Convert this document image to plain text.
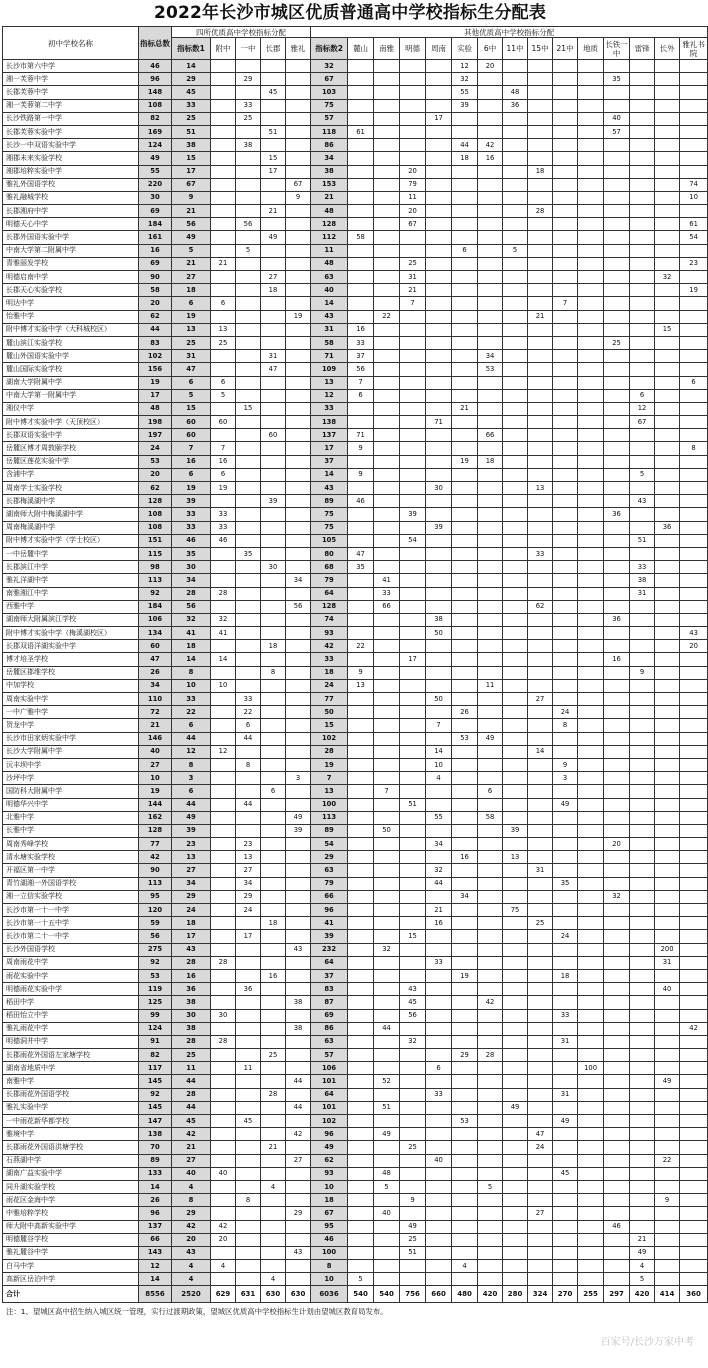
2022年长沙市城区优质普通高中学校指标生分配表
初中学校名称	指标总数	四所优质高中学校指标分配					其他优质高中学校指标分配														
		指标数1	附中	一中	长郡	雅礼	指标数2	麓山	南雅	明德	周南	实验	6中	11中	15中	21中	地质	长铁一中	雷锋	长外	雅礼书院
长沙市第六中学	46	14					32					12	20								
湘一芙蓉中学	96	29		29			67					32						35			
长郡芙蓉中学	148	45			45		103					55		48							
湘一芙蓉第二中学	108	33		33			75					39		36							
长沙铁路第一中学	82	25		25			57				17							40			
长郡芙蓉实验中学	169	51			51		118	61										57			
长沙一中双语实验中学	124	38		38			86					44	42								
湘郡未来实验学校	49	15			15		34					18	16								
湘郡培粹实验中学	55	17			17		38			20					18						
雅礼外国语学校	220	67				67	153			79											74
雅礼融城学校	30	9				9	21			11											10
长郡湘府中学	69	21			21		48			20					28						
明德天心中学	184	56		56			128			67											61
长郡外国语实验中学	161	49			49		112	58													54
中南大学第二附属中学	16	5		5			11					6		5							
青雅丽发学校	69	21	21				48			25											23
明德启南中学	90	27			27		63			31										32	
长郡天心实验学校	58	18			18		40			21											19
明达中学	20	6	6				14			7						7					
怡雅中学	62	19				19	43		22						21						
附中博才实验中学（大科城校区）	44	13	13				31	16												15	
麓山滨江实验学校	83	25	25				58	33										25			
麓山外国语实验中学	102	31			31		71	37					34								
麓山国际实验学校	156	47			47		109	56					53								
湖南大学附属中学	19	6	6				13	7													6
中南大学第一附属中学	17	5	5				12	6											6		
湘仪中学	48	15		15			33					21							12		
附中博才实验中学（天顶校区）	198	60	60				138				71								67		
长郡双语实验中学	197	60			60		137	71					66								
岳麓区博才周敦颐学校	24	7	7				17	9													8
岳麓区莲花实验中学	53	16	16				37					19	18								
含浦中学	20	6	6				14	9											5		
周南学士实验学校	62	19	19				43				30				13						
长郡梅溪湖中学	128	39			39		89	46											43		
湖南师大附中梅溪湖中学	108	33	33				75			39								36			
周南梅溪湖中学	108	33	33				75				39									36	
附中博才实验中学（学士校区）	151	46	46				105			54									51		
一中岳麓中学	115	35		35			80	47							33						
长郡滨江中学	98	30			30		68	35											33		
雅礼洋湖中学	113	34				34	79		41										38		
南雅湘江中学	92	28	28				64		33										31		
西雅中学	184	56				56	128		66						62						
湖南师大附属滨江学校	106	32	32				74				38							36			
附中博才实验中学（梅溪湖校区）	134	41	41				93				50										43
长郡双语洋湖实验中学	60	18			18		42	22													20
博才培圣学校	47	14	14				33			17								16			
岳麓区郡维学校	26	8			8		18	9											9		
中加学校	34	10	10				24	13					11								
周南实验中学	110	33		33			77				50				27						
一中广雅中学	72	22		22			50					26				24					
贺龙中学	21	6		6			15				7					8					
长沙市田家炳实验中学	146	44		44			102					53	49								
长沙大学附属中学	40	12	12				28				14				14						
沅丰坝中学	27	8		8			19				10					9					
沙坪中学	10	3				3	7				4					3					
国防科大附属中学	19	6			6		13		7				6								
明德华兴中学	144	44		44			100			51						49					
北雅中学	162	49				49	113				55		58								
长雅中学	128	39				39	89		50					39							
周南秀峰学校	77	23		23			54				34							20			
清水塘实验学校	42	13		13			29					16		13							
开福区第一中学	90	27		27			63				32				31						
青竹湖湘一外国语学校	113	34		34			79				44					35					
湘一立信实验学校	95	29		29			66					34						32			
长沙市第一十一中学	120	24		24			96				21			75							
长沙市第一十五中学	59	18			18		41				16				25						
长沙市第二十一中学	56	17		17			39			15						24					
长沙外国语学校	275	43				43	232		32											200	
周南雨花中学	92	28	28				64				33									31	
雨花实验中学	53	16			16		37					19				18					
明德雨花实验中学	119	36		36			83			43										40	
稻田中学	125	38				38	87			45			42								
稻田怡立中学	99	30	30				69			56						33					
雅礼雨花中学	124	38				38	86		44												42
明德洞井中学	91	28	28				63			32						31					
长郡雨花外国语左家塘学校	82	25			25		57					29	28								
湖南省地质中学	117	11		11			106				6						100				
南雅中学	145	44				44	101		52											49	
长郡雨花外国语学校	92	28			28		64				33					31					
雅礼实验中学	145	44				44	101		51					49							
一中雨花新华都学校	147	45		45			102					53				49					
雅境中学	138	42				42	96		49						47						
长郡雨花外国语洪塘学校	70	21			21		49			25					24						
石燕湖中学	89	27				27	62				40									22	
湖南广益实验中学	133	40	40				93		48							45					
同升湖实验学校	14	4			4		10		5				5								
雨花区金海中学	26	8		8			18			9										9	
中雅培粹学校	96	29				29	67		40						27						
师大附中高新实验中学	137	42	42				95			49								46			
明德麓谷学校	66	20	20				46			25									21		
雅礼麓谷中学	143	43				43	100			51									49		
白马中学	12	4	4				8					4							4		
高新区岳泊中学	14	4			4		10	5											5		
合计	8556	2520	629	631	630	630	6036	540	540	756	660	480	420	280	324	270	255	297	420	414	360
注：1、望城区高中招生纳入城区统一管理，实行过渡期政策，望城区优质高中学校指标生计划由望城区教育局发布。
百家号/长沙万家中考
